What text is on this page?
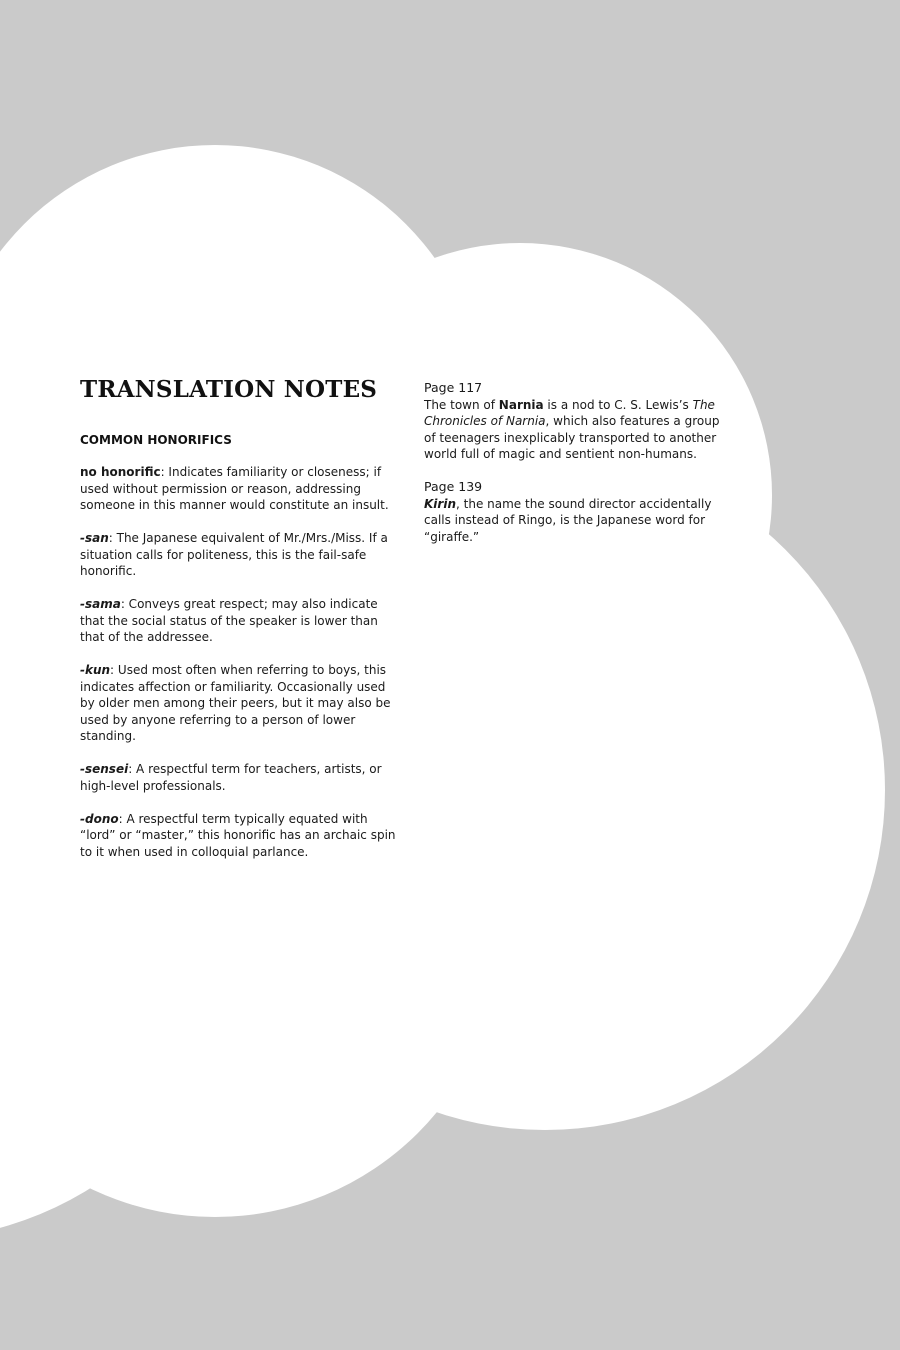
TRANSLATION NOTES
COMMON HONORIFICS

no honorific: Indicates familiarity or closeness; if used without permission or reason, addressing someone in this manner would constitute an insult.

-san: The Japanese equivalent of Mr./Mrs./Miss. If a situation calls for politeness, this is the fail-safe honorific.

-sama: Conveys great respect; may also indicate that the social status of the speaker is lower than that of the addressee.

-kun: Used most often when referring to boys, this indicates affection or familiarity. Occasionally used by older men among their peers, but it may also be used by anyone referring to a person of lower standing.

-sensei: A respectful term for teachers, artists, or high-level professionals.

-dono: A respectful term typically equated with “lord” or “master,” this honorific has an archaic spin to it when used in colloquial parlance.

Page 117

The town of Narnia is a nod to C. S. Lewis’s The Chronicles of Narnia, which also features a group of teenagers inexplicably transported to another world full of magic and sentient non-humans.

Page 139

Kirin, the name the sound director accidentally calls instead of Ringo, is the Japanese word for “giraffe.”
